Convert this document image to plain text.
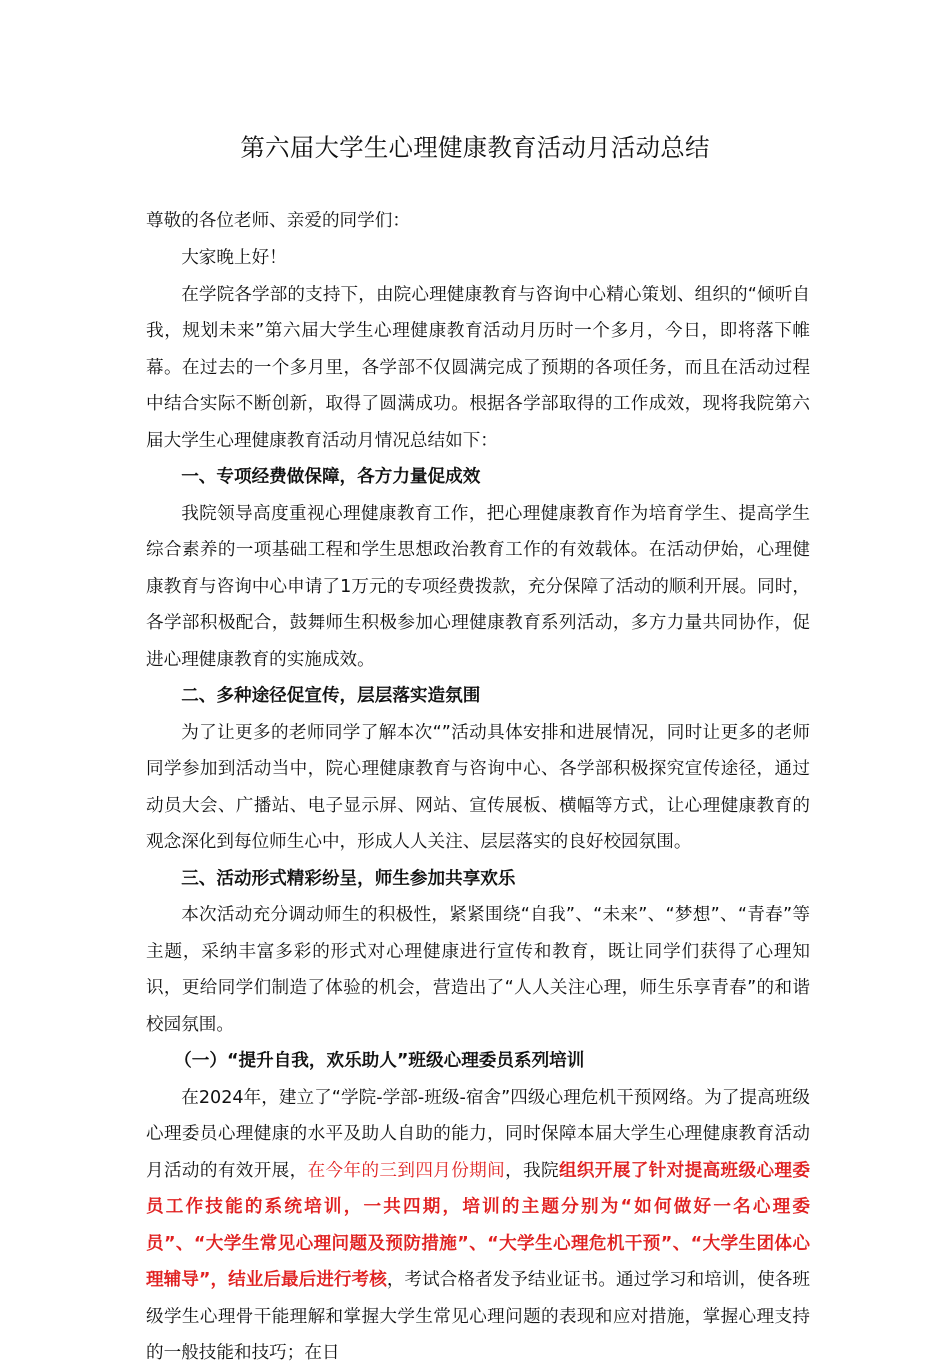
第六届大学生心理健康教育活动月活动总结
尊敬的各位老师、亲爱的同学们：

大家晚上好！

在学院各学部的支持下，由院心理健康教育与咨询中心精心策划、组织的“倾听自我，规划未来”第六届大学生心理健康教育活动月历时一个多月，今日，即将落下帷幕。在过去的一个多月里，各学部不仅圆满完成了预期的各项任务，而且在活动过程中结合实际不断创新，取得了圆满成功。根据各学部取得的工作成效，现将我院第六届大学生心理健康教育活动月情况总结如下：

一、专项经费做保障，各方力量促成效

我院领导高度重视心理健康教育工作，把心理健康教育作为培育学生、提高学生综合素养的一项基础工程和学生思想政治教育工作的有效载体。在活动伊始，心理健康教育与咨询中心申请了1万元的专项经费拨款，充分保障了活动的顺利开展。同时，各学部积极配合，鼓舞师生积极参加心理健康教育系列活动，多方力量共同协作，促进心理健康教育的实施成效。

二、多种途径促宣传，层层落实造氛围

为了让更多的老师同学了解本次“”活动具体安排和进展情况，同时让更多的老师同学参加到活动当中，院心理健康教育与咨询中心、各学部积极探究宣传途径，通过动员大会、广播站、电子显示屏、网站、宣传展板、横幅等方式，让心理健康教育的观念深化到每位师生心中，形成人人关注、层层落实的良好校园氛围。

三、活动形式精彩纷呈，师生参加共享欢乐

本次活动充分调动师生的积极性，紧紧围绕“自我”、“未来”、“梦想”、“青春”等主题，采纳丰富多彩的形式对心理健康进行宣传和教育，既让同学们获得了心理知识，更给同学们制造了体验的机会，营造出了“人人关注心理，师生乐享青春”的和谐校园氛围。

（一）“提升自我，欢乐助人”班级心理委员系列培训

在2024年，建立了“学院-学部-班级-宿舍”四级心理危机干预网络。为了提高班级心理委员心理健康的水平及助人自助的能力，同时保障本届大学生心理健康教育活动月活动的有效开展，在今年的三到四月份期间，我院组织开展了针对提高班级心理委员工作技能的系统培训，一共四期，培训的主题分别为“如何做好一名心理委员”、“大学生常见心理问题及预防措施”、“大学生心理危机干预”、“大学生团体心理辅导”，结业后最后进行考核，考试合格者发予结业证书。通过学习和培训，使各班级学生心理骨干能理解和掌握大学生常见心理问题的表现和应对措施，掌握心理支持的一般技能和技巧；在日
